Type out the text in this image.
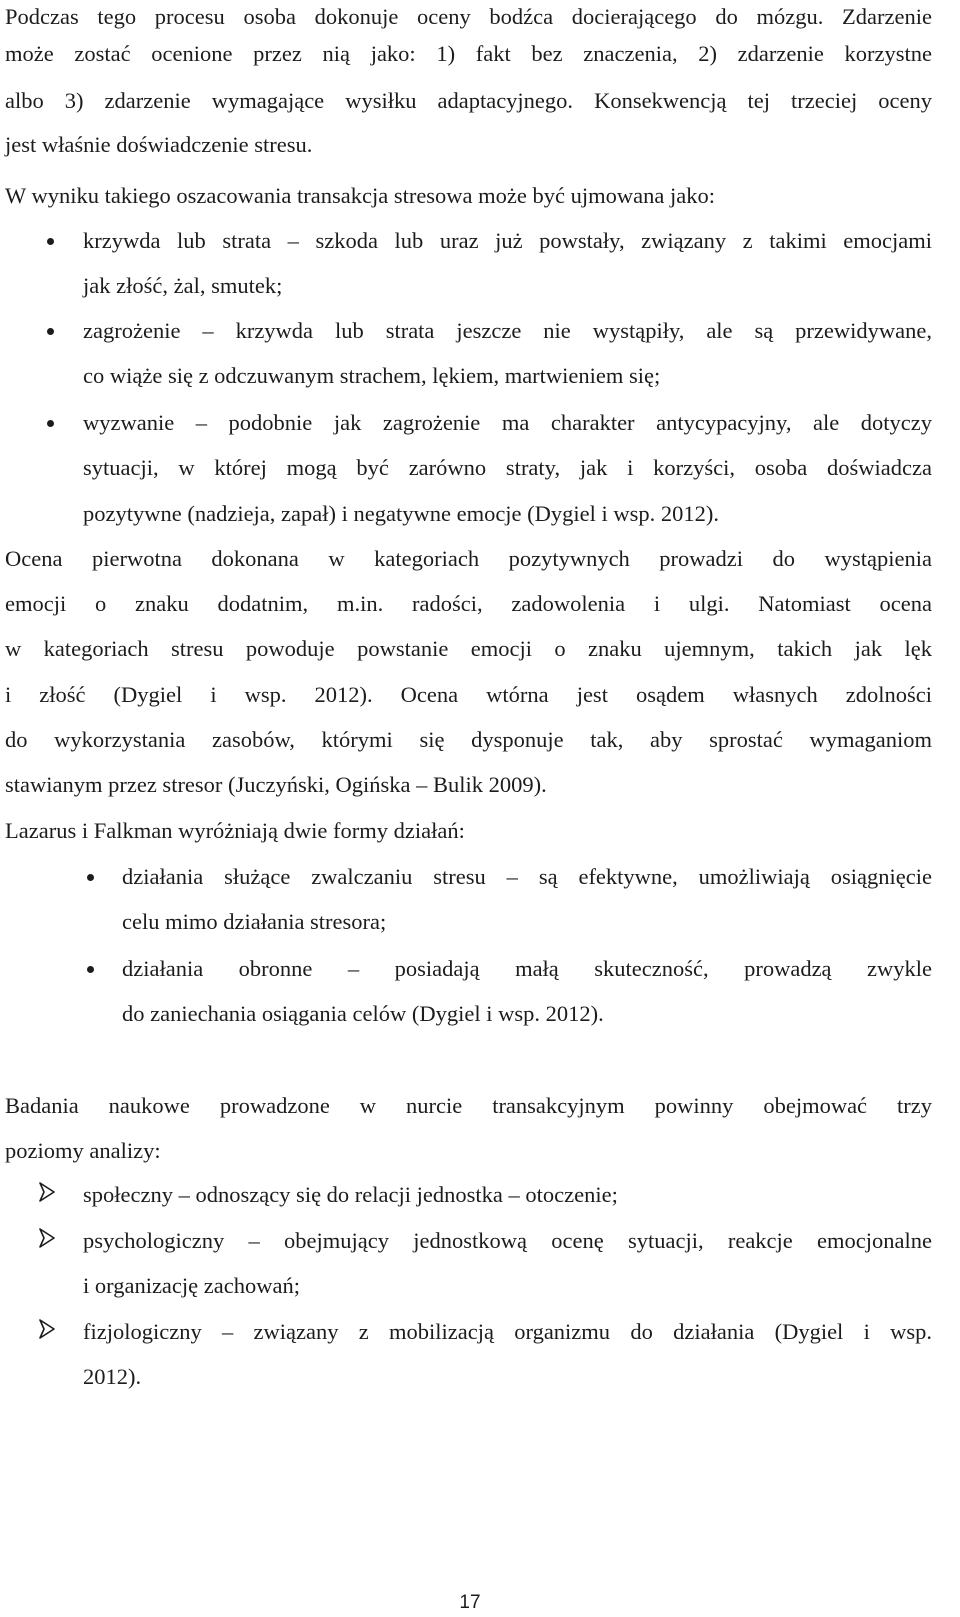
Podczas tego procesu osoba dokonuje oceny bodźca docierającego do mózgu. Zdarzenie
może zostać ocenione przez nią jako: 1) fakt bez znaczenia, 2) zdarzenie korzystne
albo 3) zdarzenie wymagające wysiłku adaptacyjnego. Konsekwencją tej trzeciej oceny
jest właśnie doświadczenie stresu.
W wyniku takiego oszacowania transakcja stresowa może być ujmowana jako:
krzywda lub strata – szkoda lub uraz już powstały, związany z takimi emocjami
jak złość, żal, smutek;
zagrożenie – krzywda lub strata jeszcze nie wystąpiły, ale są przewidywane,
co wiąże się z odczuwanym strachem, lękiem, martwieniem się;
wyzwanie – podobnie jak zagrożenie ma charakter antycypacyjny, ale dotyczy
sytuacji, w której mogą być zarówno straty, jak i korzyści, osoba doświadcza
pozytywne (nadzieja, zapał) i negatywne emocje (Dygiel i wsp. 2012).
Ocena pierwotna dokonana w kategoriach pozytywnych prowadzi do wystąpienia
emocji o znaku dodatnim, m.in. radości, zadowolenia i ulgi. Natomiast ocena
w kategoriach stresu powoduje powstanie emocji o znaku ujemnym, takich jak lęk
i złość (Dygiel i wsp. 2012). Ocena wtórna jest osądem własnych zdolności
do wykorzystania zasobów, którymi się dysponuje tak, aby sprostać wymaganiom
stawianym przez stresor (Juczyński, Ogińska – Bulik 2009).
Lazarus i Falkman wyróżniają dwie formy działań:
działania służące zwalczaniu stresu – są efektywne, umożliwiają osiągnięcie
celu mimo działania stresora;
działania obronne – posiadają małą skuteczność, prowadzą zwykle
do zaniechania osiągania celów (Dygiel i wsp. 2012).
Badania naukowe prowadzone w nurcie transakcyjnym powinny obejmować trzy
poziomy analizy:
społeczny – odnoszący się do relacji jednostka – otoczenie;
psychologiczny – obejmujący jednostkową ocenę sytuacji, reakcje emocjonalne
i organizację zachowań;
fizjologiczny – związany z mobilizacją organizmu do działania (Dygiel i wsp.
2012).
17
